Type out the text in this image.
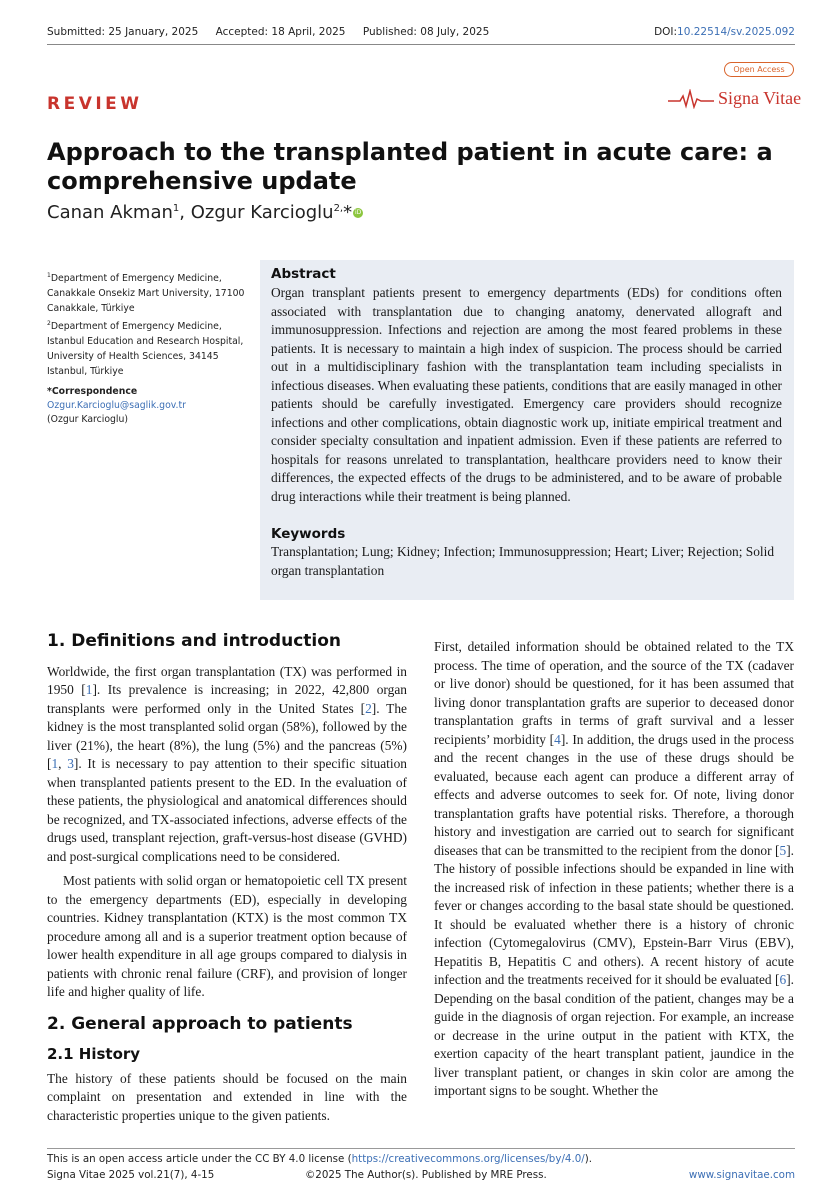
Submitted: 25 January, 2025 Accepted: 18 April, 2025 Published: 08 July, 2025	DOI:10.22514/sv.2025.092
Open Access
Signa Vitae
REVIEW
Approach to the transplanted patient in acute care: a comprehensive update
Canan Akman$^1$, Ozgur Karcioglu$^{2,}$* iD

$^1$Department of Emergency Medicine, Canakkale Onsekiz Mart University, 17100 Canakkale, Türkiye

$^2$Department of Emergency Medicine, Istanbul Education and Research Hospital, University of Health Sciences, 34145 Istanbul, Türkiye

*Correspondence
Ozgur.Karcioglu@saglik.gov.tr
(Ozgur Karcioglu)
Abstract

Organ transplant patients present to emergency departments (EDs) for conditions often associated with transplantation due to changing anatomy, denervated allograft and immunosuppression. Infections and rejection are among the most feared problems in these patients. It is necessary to maintain a high index of suspicion. The process should be carried out in a multidisciplinary fashion with the transplantation team including specialists in infectious diseases. When evaluating these patients, conditions that are easily managed in other patients should be carefully investigated. Emergency care providers should recognize infections and other complications, obtain diagnostic work up, initiate empirical treatment and consider specialty consultation and inpatient admission. Even if these patients are referred to hospitals for reasons unrelated to transplantation, healthcare providers need to know their differences, the expected effects of the drugs to be administered, and to be aware of probable drug interactions while their treatment is being planned.

Keywords

Transplantation; Lung; Kidney; Infection; Immunosuppression; Heart; Liver; Rejection; Solid organ transplantation

1. Definitions and introduction

Worldwide, the first organ transplantation (TX) was performed in 1950 [1]. Its prevalence is increasing; in 2022, 42,800 organ transplants were performed only in the United States [2]. The kidney is the most transplanted solid organ (58%), followed by the liver (21%), the heart (8%), the lung (5%) and the pancreas (5%) [1, 3]. It is necessary to pay attention to their specific situation when transplanted patients present to the ED. In the evaluation of these patients, the physiological and anatomical differences should be recognized, and TX-associated infections, adverse effects of the drugs used, transplant rejection, graft-versus-host disease (GVHD) and post-surgical complications need to be considered.

Most patients with solid organ or hematopoietic cell TX present to the emergency departments (ED), especially in developing countries. Kidney transplantation (KTX) is the most common TX procedure among all and is a superior treatment option because of lower health expenditure in all age groups compared to dialysis in patients with chronic renal failure (CRF), and provision of longer life and higher quality of life.

2. General approach to patients
2.1 History

The history of these patients should be focused on the main complaint on presentation and extended in line with the characteristic properties unique to the given patients.

First, detailed information should be obtained related to the TX process. The time of operation, and the source of the TX (cadaver or live donor) should be questioned, for it has been assumed that living donor transplantation grafts are superior to deceased donor transplantation grafts in terms of graft survival and a lesser recipients’ morbidity [4]. In addition, the drugs used in the process and the recent changes in the use of these drugs should be evaluated, because each agent can produce a different array of effects and adverse outcomes to seek for. Of note, living donor transplantation grafts have potential risks. Therefore, a thorough history and investigation are carried out to search for significant diseases that can be transmitted to the recipient from the donor [5]. The history of possible infections should be expanded in line with the increased risk of infection in these patients; whether there is a fever or changes according to the basal state should be questioned. It should be evaluated whether there is a history of chronic infection (Cytomegalovirus (CMV), Epstein-Barr Virus (EBV), Hepatitis B, Hepatitis C and others). A recent history of acute infection and the treatments received for it should be evaluated [6]. Depending on the basal condition of the patient, changes may be a guide in the diagnosis of organ rejection. For example, an increase or decrease in the urine output in the patient with KTX, the exertion capacity of the heart transplant patient, jaundice in the liver transplant patient, or changes in skin color are among the important signs to be sought. Whether the

This is an open access article under the CC BY 4.0 license (https://creativecommons.org/licenses/by/4.0/).
Signa Vitae 2025 vol.21(7), 4-15	©2025 The Author(s). Published by MRE Press.	www.signavitae.com
